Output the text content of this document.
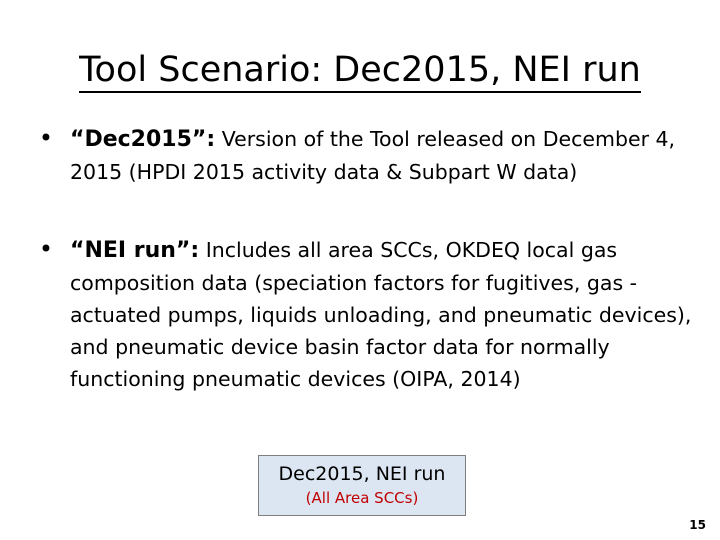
Tool Scenario: Dec2015, NEI run
• “Dec2015”: Version of the Tool released on December 4, 2015 (HPDI 2015 activity data & Subpart W data)
• “NEI run”: Includes all area SCCs, OKDEQ local gas composition data (speciation factors for fugitives, gas -actuated pumps, liquids unloading, and pneumatic devices), and pneumatic device basin factor data for normally functioning pneumatic devices (OIPA, 2014)
Dec2015, NEI run
(All Area SCCs)
15
